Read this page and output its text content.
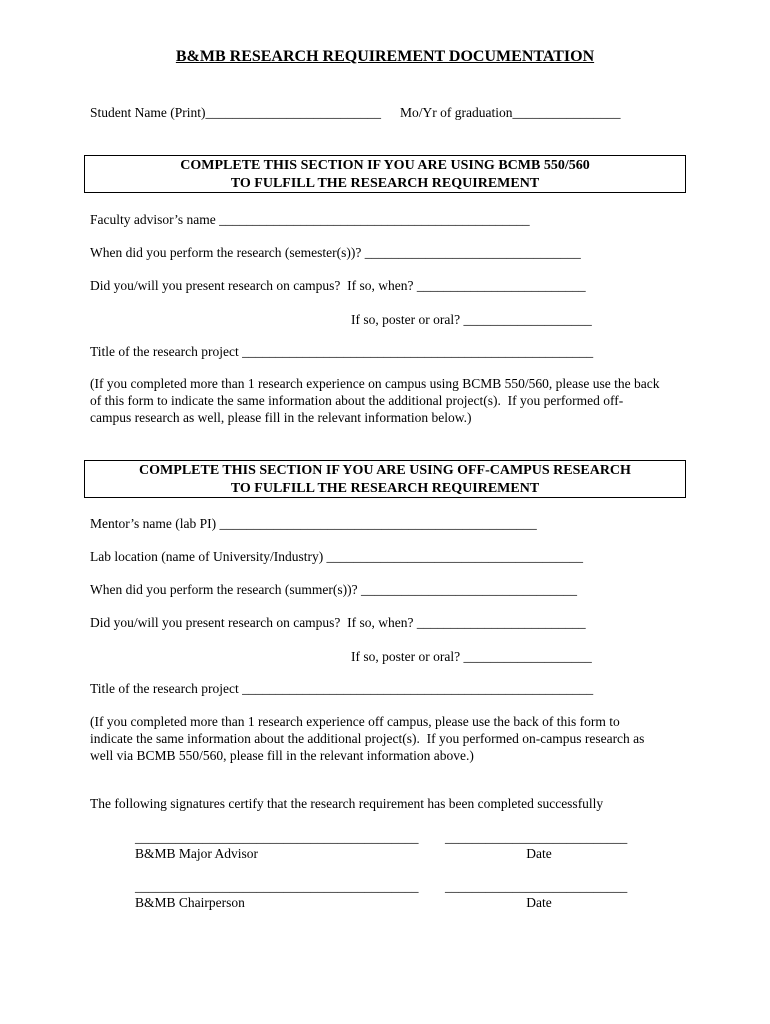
B&MB RESEARCH REQUIREMENT DOCUMENTATION
Student Name (Print)__________________________ Mo/Yr of graduation________________
COMPLETE THIS SECTION IF YOU ARE USING BCMB 550/560
TO FULFILL THE RESEARCH REQUIREMENT
Faculty advisor’s name ______________________________________________
When did you perform the research (semester(s))? ________________________________
Did you/will you present research on campus?  If so, when? _________________________
If so, poster or oral? ___________________
Title of the research project ____________________________________________________
(If you completed more than 1 research experience on campus using BCMB 550/560, please use the back
of this form to indicate the same information about the additional project(s).  If you performed off-
campus research as well, please fill in the relevant information below.)
COMPLETE THIS SECTION IF YOU ARE USING OFF-CAMPUS RESEARCH
TO FULFILL THE RESEARCH REQUIREMENT
Mentor’s name (lab PI) _______________________________________________
Lab location (name of University/Industry) ______________________________________
When did you perform the research (summer(s))? ________________________________
Did you/will you present research on campus?  If so, when? _________________________
If so, poster or oral? ___________________
Title of the research project ____________________________________________________
(If you completed more than 1 research experience off campus, please use the back of this form to
indicate the same information about the additional project(s).  If you performed on-campus research as
well via BCMB 550/560, please fill in the relevant information above.)
The following signatures certify that the research requirement has been completed successfully
__________________________________________ ___________________________
B&MB Major Advisor	Date
__________________________________________ ___________________________
B&MB Chairperson	Date
